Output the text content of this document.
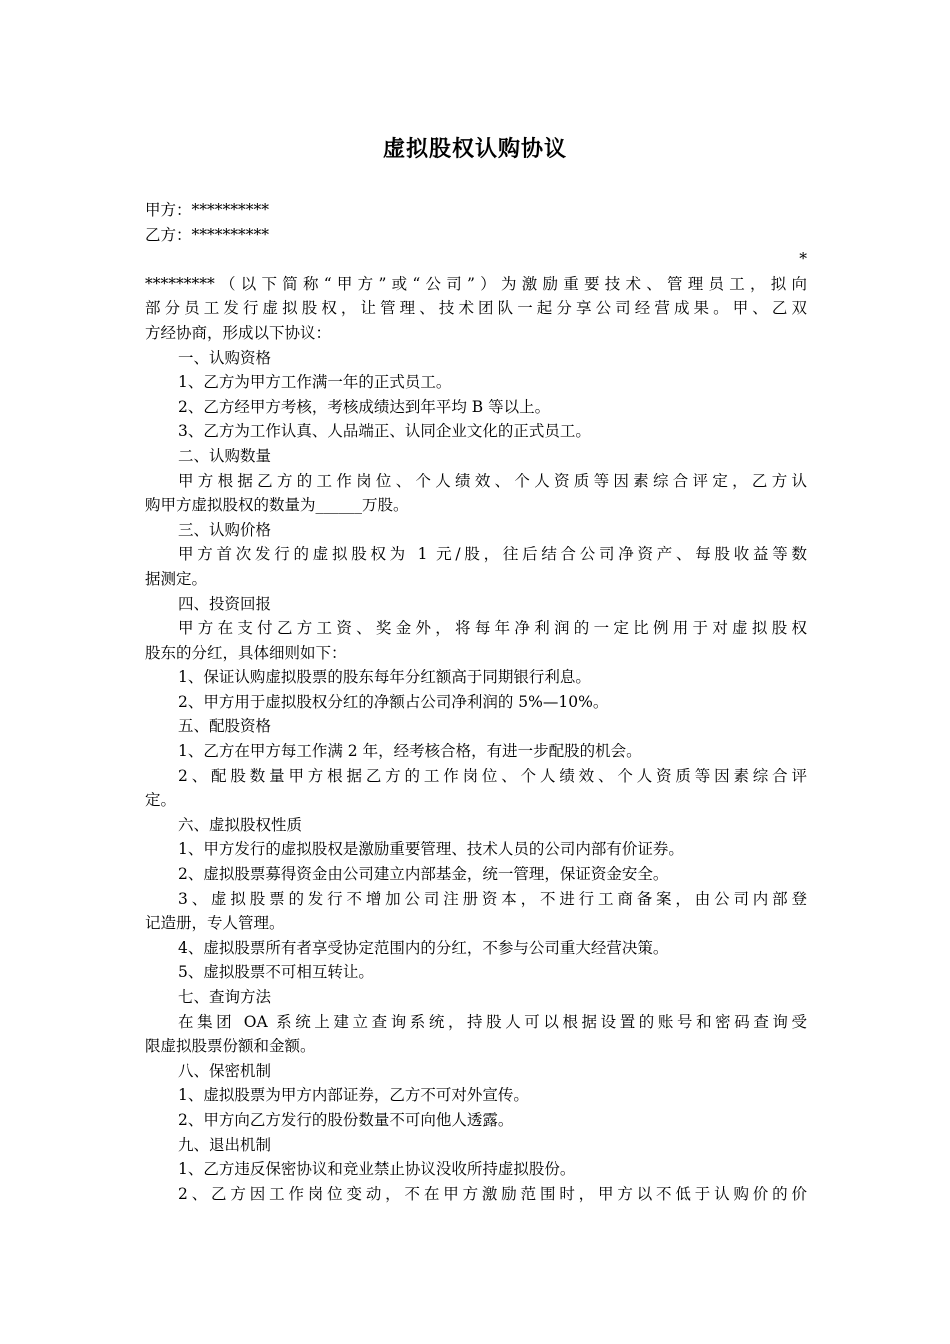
虚拟股权认购协议
甲方：**********
乙方：**********
*
*********（以下简称“甲方”或“公司”）为激励重要技术、管理员工，拟向
部分员工发行虚拟股权，让管理、技术团队一起分享公司经营成果。甲、乙双
方经协商，形成以下协议：
一、认购资格
1、乙方为甲方工作满一年的正式员工。
2、乙方经甲方考核，考核成绩达到年平均 B 等以上。
3、乙方为工作认真、人品端正、认同企业文化的正式员工。
二、认购数量
甲方根据乙方的工作岗位、个人绩效、个人资质等因素综合评定，乙方认
购甲方虚拟股权的数量为______万股。
三、认购价格
甲方首次发行的虚拟股权为 1 元/股，往后结合公司净资产、每股收益等数
据测定。
四、投资回报
甲方在支付乙方工资、奖金外，将每年净利润的一定比例用于对虚拟股权
股东的分红，具体细则如下：
1、保证认购虚拟股票的股东每年分红额高于同期银行利息。
2、甲方用于虚拟股权分红的净额占公司净利润的 5%—10%。
五、配股资格
1、乙方在甲方每工作满 2 年，经考核合格，有进一步配股的机会。
2、配股数量甲方根据乙方的工作岗位、个人绩效、个人资质等因素综合评
定。
六、虚拟股权性质
1、甲方发行的虚拟股权是激励重要管理、技术人员的公司内部有价证券。
2、虚拟股票募得资金由公司建立内部基金，统一管理，保证资金安全。
3、虚拟股票的发行不增加公司注册资本，不进行工商备案，由公司内部登
记造册，专人管理。
4、虚拟股票所有者享受协定范围内的分红，不参与公司重大经营决策。
5、虚拟股票不可相互转让。
七、查询方法
在集团 OA 系统上建立查询系统，持股人可以根据设置的账号和密码查询受
限虚拟股票份额和金额。
八、保密机制
1、虚拟股票为甲方内部证券，乙方不可对外宣传。
2、甲方向乙方发行的股份数量不可向他人透露。
九、退出机制
1、乙方违反保密协议和竞业禁止协议没收所持虚拟股份。
2、乙方因工作岗位变动，不在甲方激励范围时，甲方以不低于认购价的价
